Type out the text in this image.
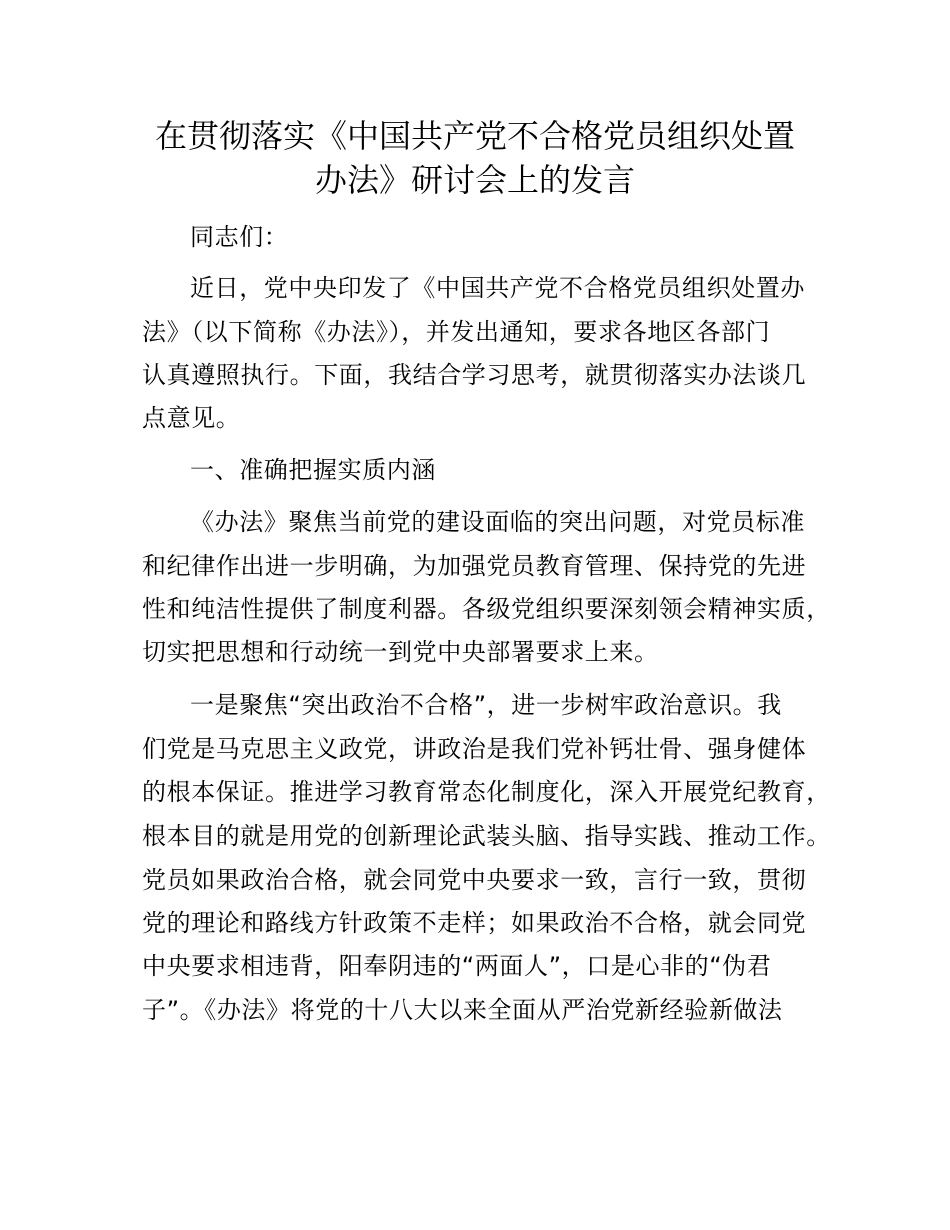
在贯彻落实《中国共产党不合格党员组织处置
办法》研讨会上的发言
同志们：
近日，党中央印发了《中国共产党不合格党员组织处置办
法》（以下简称《办法》），并发出通知，要求各地区各部门
认真遵照执行。下面，我结合学习思考，就贯彻落实办法谈几
点意见。
一、准确把握实质内涵
《办法》聚焦当前党的建设面临的突出问题，对党员标准
和纪律作出进一步明确，为加强党员教育管理、保持党的先进
性和纯洁性提供了制度利器。各级党组织要深刻领会精神实质，
切实把思想和行动统一到党中央部署要求上来。
一是聚焦“突出政治不合格”，进一步树牢政治意识。我
们党是马克思主义政党，讲政治是我们党补钙壮骨、强身健体
的根本保证。推进学习教育常态化制度化，深入开展党纪教育，
根本目的就是用党的创新理论武装头脑、指导实践、推动工作。
党员如果政治合格，就会同党中央要求一致，言行一致，贯彻
党的理论和路线方针政策不走样；如果政治不合格，就会同党
中央要求相违背，阳奉阴违的“两面人”，口是心非的“伪君
子”。《办法》将党的十八大以来全面从严治党新经验新做法
